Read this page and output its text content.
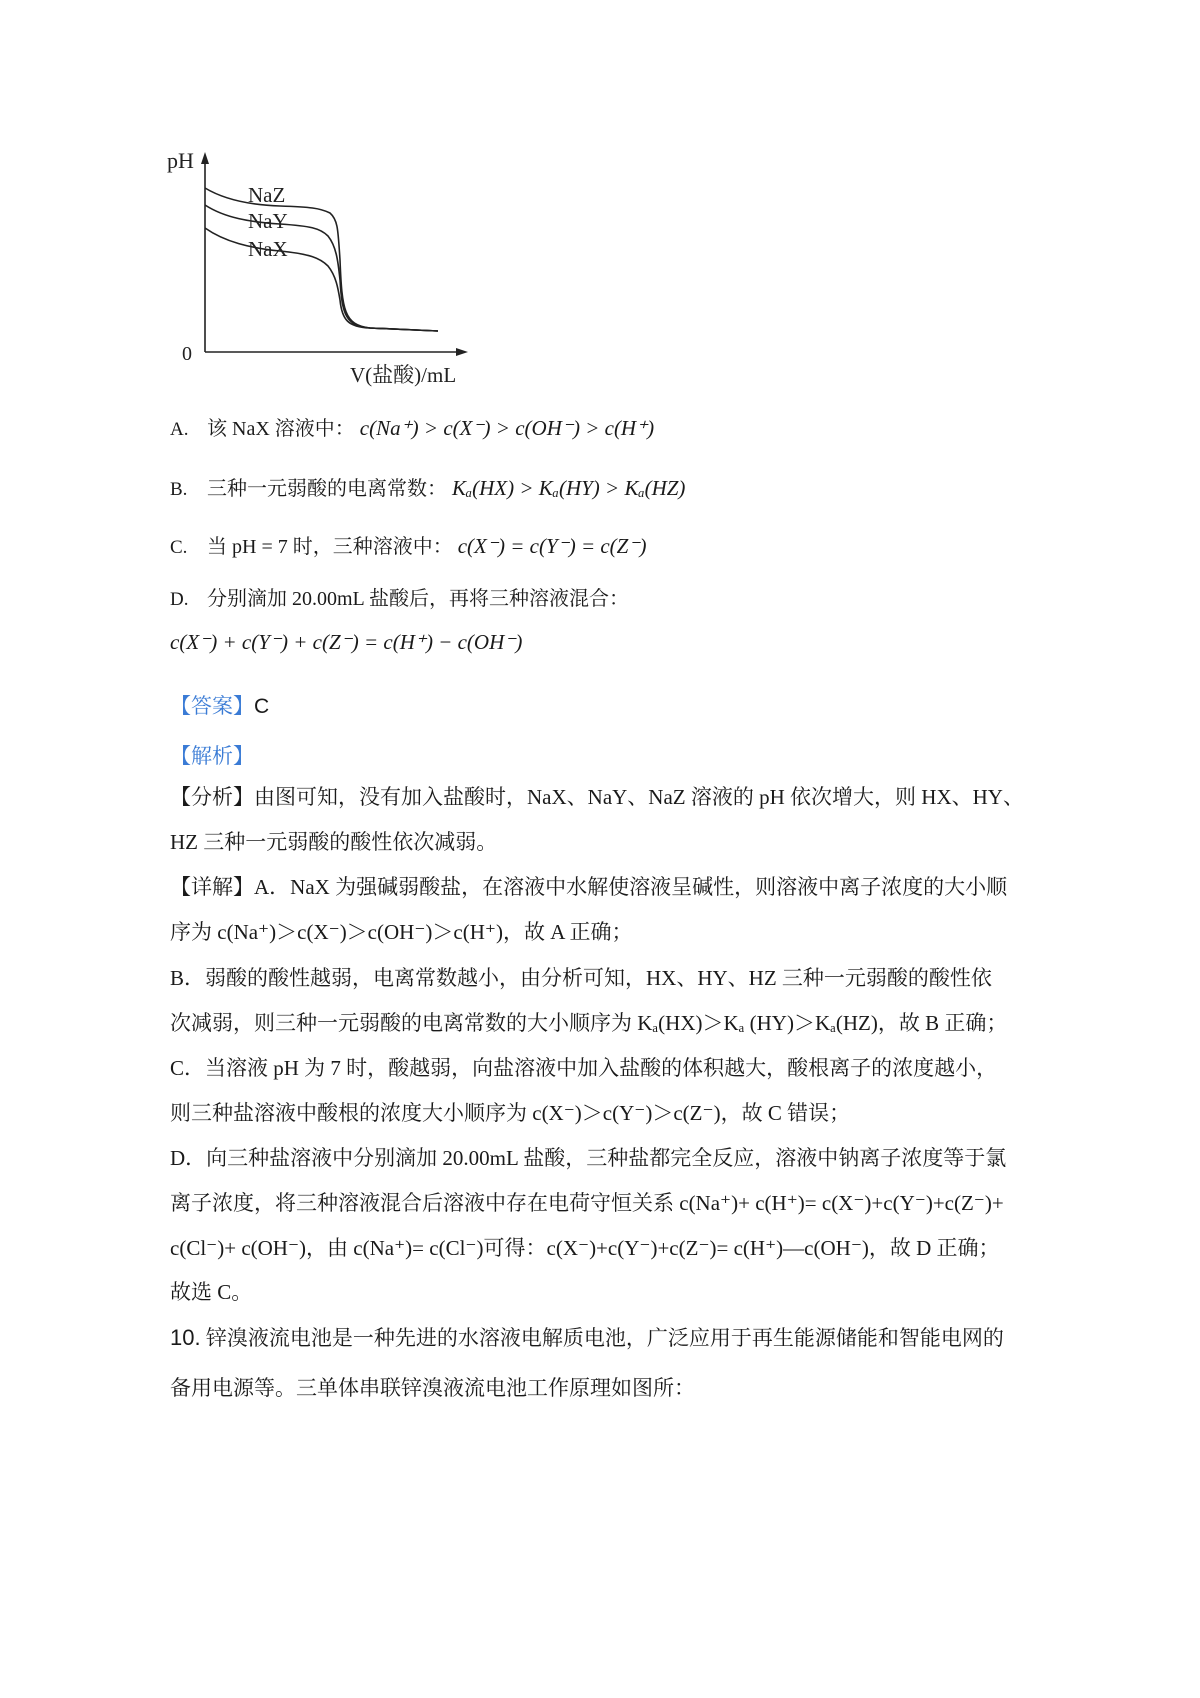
pH
0
V(盐酸)/mL
NaZ
NaY
NaX
A. 该 NaX 溶液中： c(Na⁺) > c(X⁻) > c(OH⁻) > c(H⁺)
B. 三种一元弱酸的电离常数： Kₐ(HX) > Kₐ(HY) > Kₐ(HZ)
C. 当 pH = 7 时，三种溶液中： c(X⁻) = c(Y⁻) = c(Z⁻)
D. 分别滴加 20.00mL 盐酸后，再将三种溶液混合：
c(X⁻) + c(Y⁻) + c(Z⁻) = c(H⁺) − c(OH⁻)
【答案】C
【解析】
【分析】由图可知，没有加入盐酸时，NaX、NaY、NaZ 溶液的 pH 依次增大，则 HX、HY、
HZ 三种一元弱酸的酸性依次减弱。
【详解】A．NaX 为强碱弱酸盐，在溶液中水解使溶液呈碱性，则溶液中离子浓度的大小顺
序为 c(Na⁺)＞c(X⁻)＞c(OH⁻)＞c(H⁺)，故 A 正确；
B．弱酸的酸性越弱，电离常数越小，由分析可知，HX、HY、HZ 三种一元弱酸的酸性依
次减弱，则三种一元弱酸的电离常数的大小顺序为 Kₐ(HX)＞Kₐ (HY)＞Kₐ(HZ)，故 B 正确；
C．当溶液 pH 为 7 时，酸越弱，向盐溶液中加入盐酸的体积越大，酸根离子的浓度越小，
则三种盐溶液中酸根的浓度大小顺序为 c(X⁻)＞c(Y⁻)＞c(Z⁻)，故 C 错误；
D．向三种盐溶液中分别滴加 20.00mL 盐酸，三种盐都完全反应，溶液中钠离子浓度等于氯
离子浓度，将三种溶液混合后溶液中存在电荷守恒关系 c(Na⁺)+ c(H⁺)= c(X⁻)+c(Y⁻)+c(Z⁻)+
c(Cl⁻)+ c(OH⁻)，由 c(Na⁺)= c(Cl⁻)可得：c(X⁻)+c(Y⁻)+c(Z⁻)= c(H⁺)—c(OH⁻)，故 D 正确；
故选 C。
10. 锌溴液流电池是一种先进的水溶液电解质电池，广泛应用于再生能源储能和智能电网的
备用电源等。三单体串联锌溴液流电池工作原理如图所：
